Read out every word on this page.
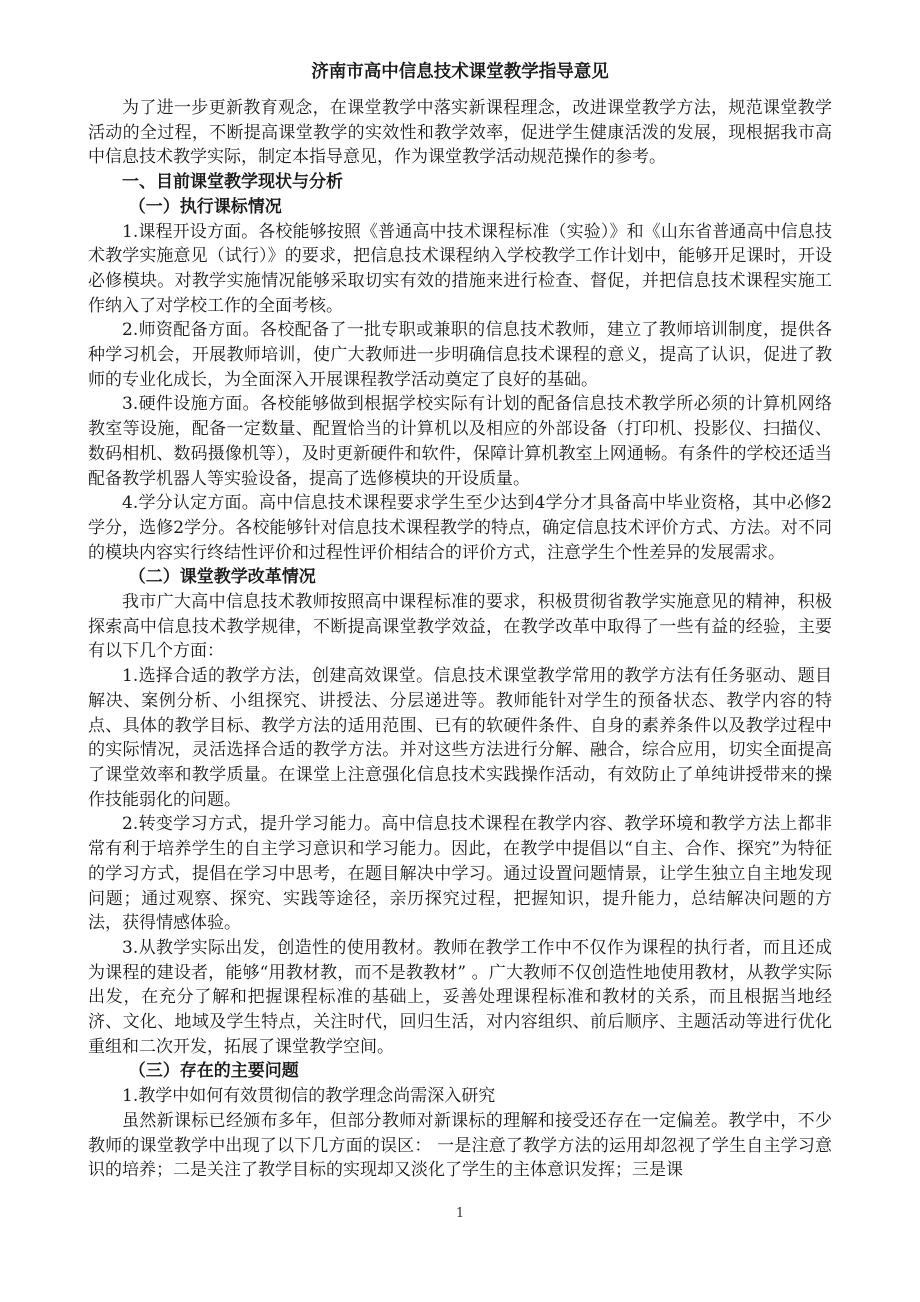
济南市高中信息技术课堂教学指导意见

为了进一步更新教育观念，在课堂教学中落实新课程理念，改进课堂教学方法，规范课堂教学活动的全过程，不断提高课堂教学的实效性和教学效率，促进学生健康活泼的发展，现根据我市高中信息技术教学实际，制定本指导意见，作为课堂教学活动规范操作的参考。

一、目前课堂教学现状与分析
（一）执行课标情况

1.课程开设方面。各校能够按照《普通高中技术课程标准（实验）》和《山东省普通高中信息技术教学实施意见（试行）》的要求，把信息技术课程纳入学校教学工作计划中，能够开足课时，开设必修模块。对教学实施情况能够采取切实有效的措施来进行检查、督促，并把信息技术课程实施工作纳入了对学校工作的全面考核。

2.师资配备方面。各校配备了一批专职或兼职的信息技术教师，建立了教师培训制度，提供各种学习机会，开展教师培训，使广大教师进一步明确信息技术课程的意义，提高了认识，促进了教师的专业化成长，为全面深入开展课程教学活动奠定了良好的基础。

3.硬件设施方面。各校能够做到根据学校实际有计划的配备信息技术教学所必须的计算机网络教室等设施，配备一定数量、配置恰当的计算机以及相应的外部设备（打印机、投影仪、扫描仪、数码相机、数码摄像机等），及时更新硬件和软件，保障计算机教室上网通畅。有条件的学校还适当配备教学机器人等实验设备，提高了选修模块的开设质量。

4.学分认定方面。高中信息技术课程要求学生至少达到4学分才具备高中毕业资格，其中必修2学分，选修2学分。各校能够针对信息技术课程教学的特点，确定信息技术评价方式、方法。对不同的模块内容实行终结性评价和过程性评价相结合的评价方式，注意学生个性差异的发展需求。

（二）课堂教学改革情况

我市广大高中信息技术教师按照高中课程标准的要求，积极贯彻省教学实施意见的精神，积极探索高中信息技术教学规律，不断提高课堂教学效益，在教学改革中取得了一些有益的经验，主要有以下几个方面：

1.选择合适的教学方法，创建高效课堂。信息技术课堂教学常用的教学方法有任务驱动、题目解决、案例分析、小组探究、讲授法、分层递进等。教师能针对学生的预备状态、教学内容的特点、具体的教学目标、教学方法的适用范围、已有的软硬件条件、自身的素养条件以及教学过程中的实际情况，灵活选择合适的教学方法。并对这些方法进行分解、融合，综合应用，切实全面提高了课堂效率和教学质量。在课堂上注意强化信息技术实践操作活动，有效防止了单纯讲授带来的操作技能弱化的问题。

2.转变学习方式，提升学习能力。高中信息技术课程在教学内容、教学环境和教学方法上都非常有利于培养学生的自主学习意识和学习能力。因此，在教学中提倡以“自主、合作、探究”为特征的学习方式，提倡在学习中思考，在题目解决中学习。通过设置问题情景，让学生独立自主地发现问题；通过观察、探究、实践等途径，亲历探究过程，把握知识，提升能力，总结解决问题的方法，获得情感体验。

3.从教学实际出发，创造性的使用教材。教师在教学工作中不仅作为课程的执行者，而且还成为课程的建设者，能够“用教材教，而不是教教材” 。广大教师不仅创造性地使用教材，从教学实际出发，在充分了解和把握课程标准的基础上，妥善处理课程标准和教材的关系，而且根据当地经济、文化、地域及学生特点，关注时代，回归生活，对内容组织、前后顺序、主题活动等进行优化重组和二次开发，拓展了课堂教学空间。

（三）存在的主要问题

1.教学中如何有效贯彻信的教学理念尚需深入研究

虽然新课标已经颁布多年，但部分教师对新课标的理解和接受还存在一定偏差。教学中，不少教师的课堂教学中出现了以下几方面的误区： 一是注意了教学方法的运用却忽视了学生自主学习意识的培养；二是关注了教学目标的实现却又淡化了学生的主体意识发挥；三是课

1
